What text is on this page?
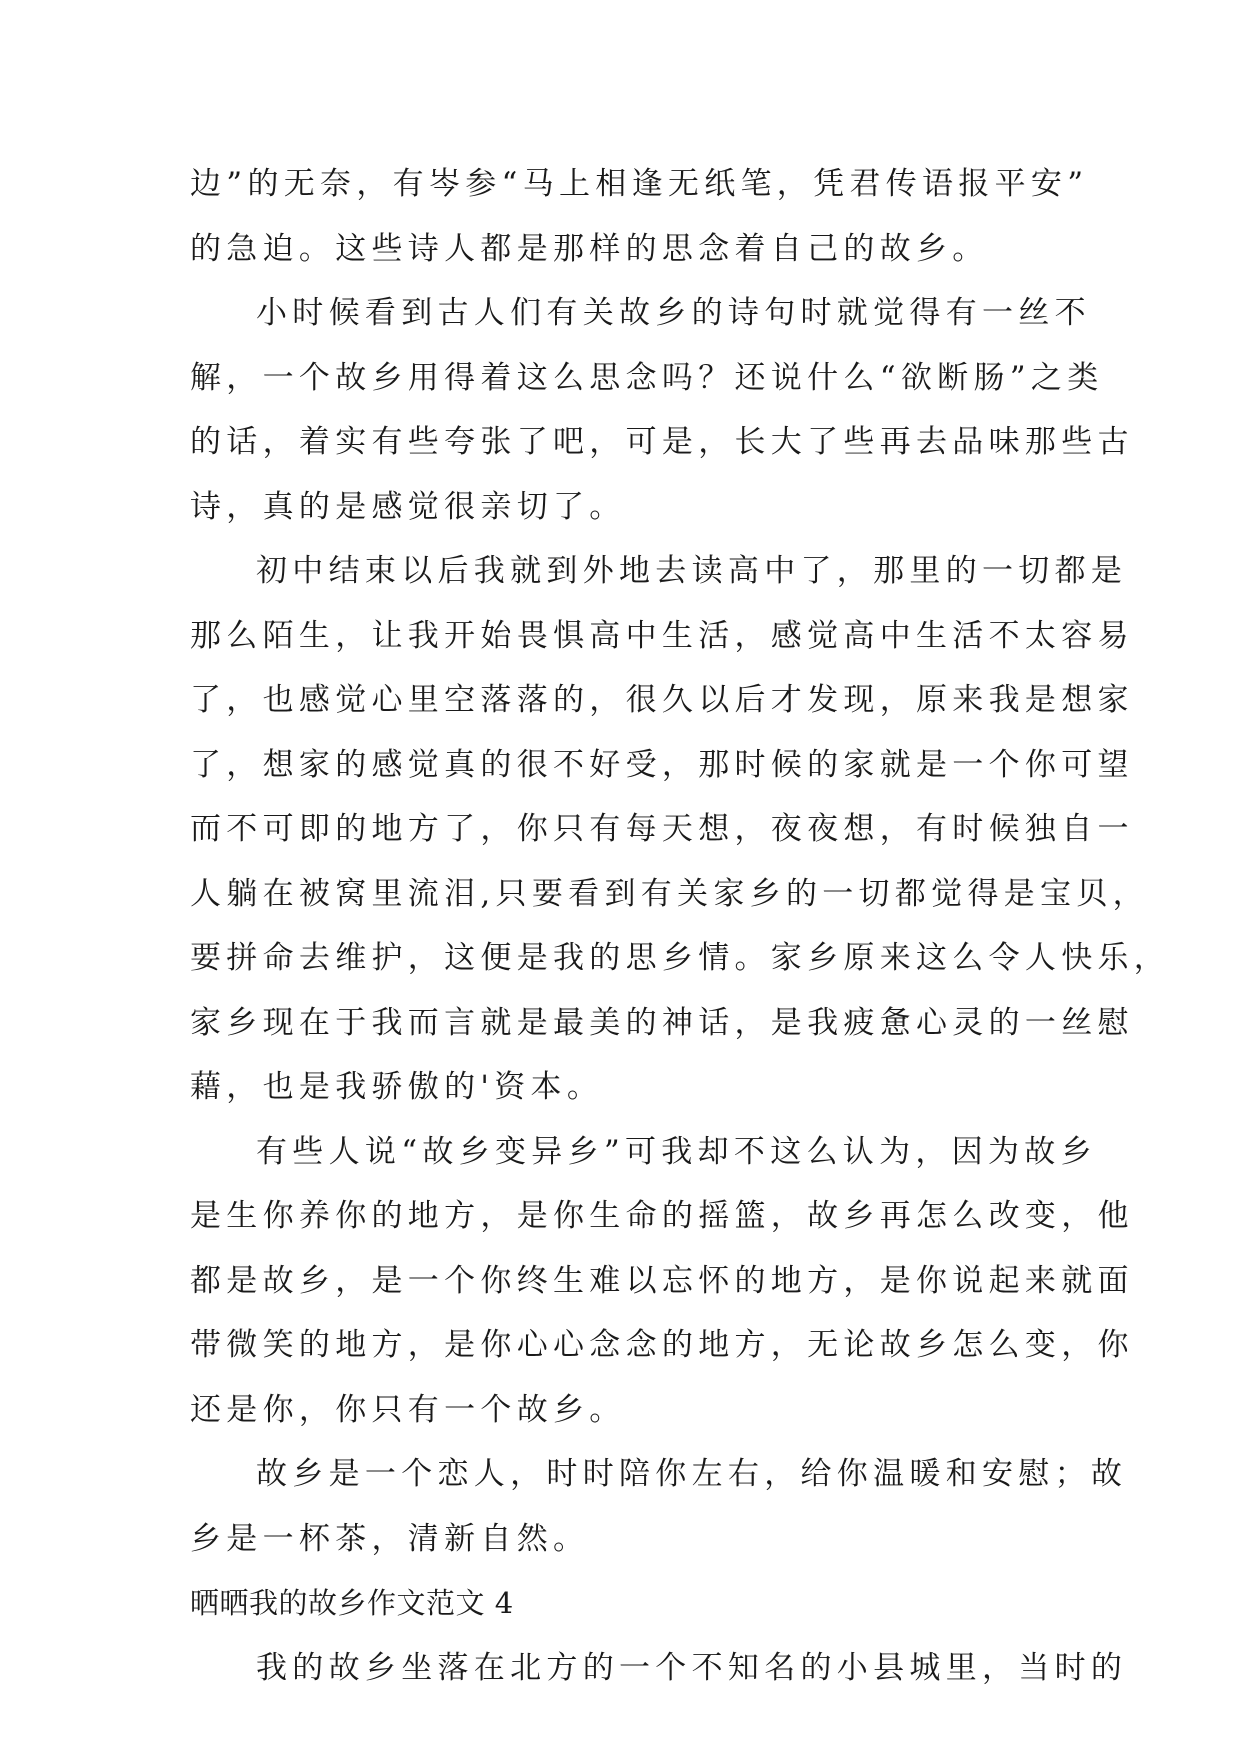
边”的无奈，有岑参“马上相逢无纸笔，凭君传语报平安”
的急迫。这些诗人都是那样的思念着自己的故乡。
小时候看到古人们有关故乡的诗句时就觉得有一丝不
解，一个故乡用得着这么思念吗？还说什么“欲断肠”之类
的话，着实有些夸张了吧，可是，长大了些再去品味那些古
诗，真的是感觉很亲切了。
初中结束以后我就到外地去读高中了，那里的一切都是
那么陌生，让我开始畏惧高中生活，感觉高中生活不太容易
了，也感觉心里空落落的，很久以后才发现，原来我是想家
了，想家的感觉真的很不好受，那时候的家就是一个你可望
而不可即的地方了，你只有每天想，夜夜想，有时候独自一
人躺在被窝里流泪,只要看到有关家乡的一切都觉得是宝贝，
要拼命去维护，这便是我的思乡情。家乡原来这么令人快乐，
家乡现在于我而言就是最美的神话，是我疲惫心灵的一丝慰
藉，也是我骄傲的'资本。
有些人说“故乡变异乡”可我却不这么认为，因为故乡
是生你养你的地方，是你生命的摇篮，故乡再怎么改变，他
都是故乡，是一个你终生难以忘怀的地方，是你说起来就面
带微笑的地方，是你心心念念的地方，无论故乡怎么变，你
还是你，你只有一个故乡。
故乡是一个恋人，时时陪你左右，给你温暖和安慰；故
乡是一杯茶，清新自然。
晒晒我的故乡作文范文 4
我的故乡坐落在北方的一个不知名的小县城里，当时的
